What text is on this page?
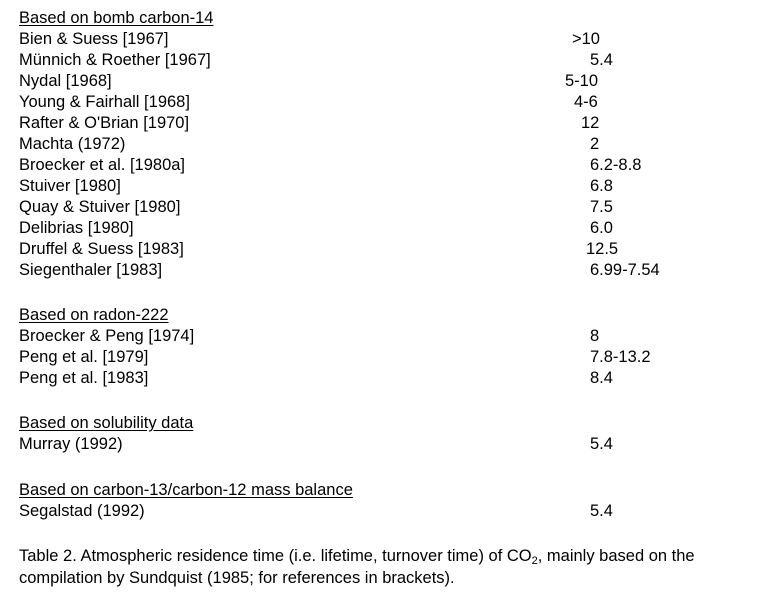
Based on bomb carbon-14
Bien & Suess [1967]	>10
Münnich & Roether [1967]	5.4
Nydal [1968]	5-10
Young & Fairhall [1968]	4-6
Rafter & O'Brian [1970]	12
Machta (1972)	2
Broecker et al. [1980a]	6.2-8.8
Stuiver [1980]	6.8
Quay & Stuiver [1980]	7.5
Delibrias [1980]	6.0
Druffel & Suess [1983]	12.5
Siegenthaler [1983]	6.99-7.54
Based on radon-222
Broecker & Peng [1974]	8
Peng et al. [1979]	7.8-13.2
Peng et al. [1983]	8.4
Based on solubility data
Murray (1992)	5.4
Based on carbon-13/carbon-12 mass balance
Segalstad (1992)	5.4
Table 2. Atmospheric residence time (i.e. lifetime, turnover time) of $CO_2$, mainly based on the compilation by Sundquist (1985; for references in brackets).
